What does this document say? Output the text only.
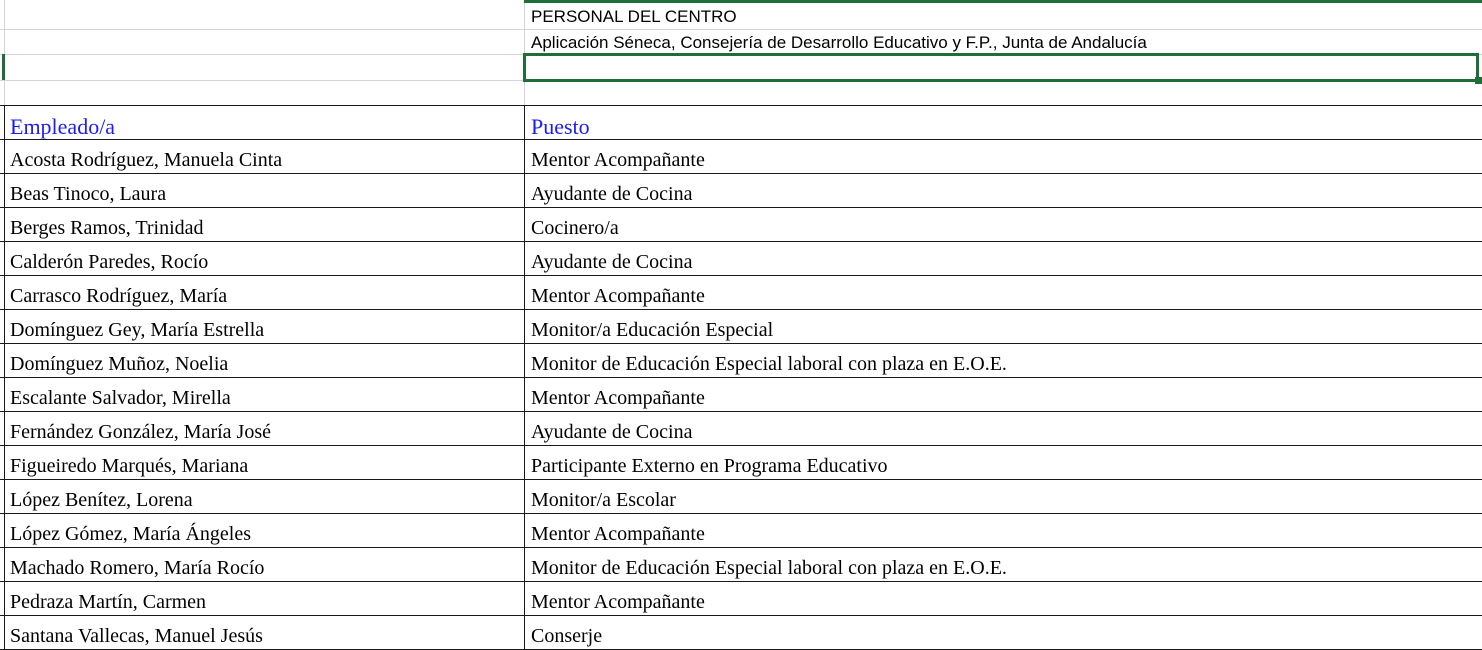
PERSONAL DEL CENTRO
Aplicación Séneca, Consejería de Desarrollo Educativo y F.P., Junta de Andalucía
Empleado/a	Puesto
Acosta Rodríguez, Manuela Cinta	Mentor Acompañante
Beas Tinoco, Laura	Ayudante de Cocina
Berges Ramos, Trinidad	Cocinero/a
Calderón Paredes, Rocío	Ayudante de Cocina
Carrasco Rodríguez, María	Mentor Acompañante
Domínguez Gey, María Estrella	Monitor/a Educación Especial
Domínguez Muñoz, Noelia	Monitor de Educación Especial laboral con plaza en E.O.E.
Escalante Salvador, Mirella	Mentor Acompañante
Fernández González, María José	Ayudante de Cocina
Figueiredo Marqués, Mariana	Participante Externo en Programa Educativo
López Benítez, Lorena	Monitor/a Escolar
López Gómez, María Ángeles	Mentor Acompañante
Machado Romero, María Rocío	Monitor de Educación Especial laboral con plaza en E.O.E.
Pedraza Martín, Carmen	Mentor Acompañante
Santana Vallecas, Manuel Jesús	Conserje
